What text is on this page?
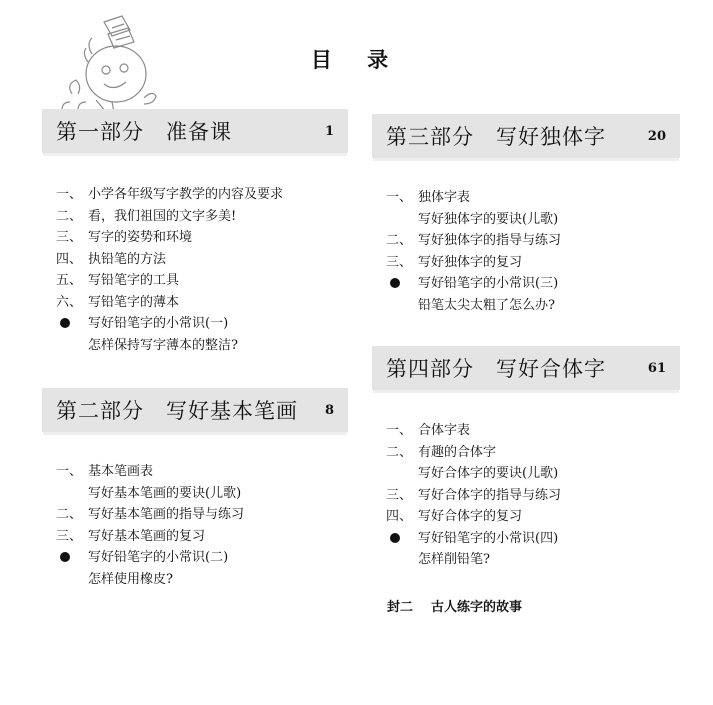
目 录
第一部分 准备课	1
一、 小学各年级写字教学的内容及要求
二、 看，我们祖国的文字多美!
三、 写字的姿势和环境
四、 执铅笔的方法
五、 写铅笔字的工具
六、 写铅笔字的薄本
写好铅笔字的小常识(一)
怎样保持写字薄本的整洁?
第二部分 写好基本笔画 8
一、 基本笔画表
写好基本笔画的要诀(儿歌)
二、 写好基本笔画的指导与练习
三、 写好基本笔画的复习
写好铅笔字的小常识(二)
怎样使用橡皮?
第三部分 写好独体字	20
一、 独体字表
写好独体字的要诀(儿歌)
二、 写好独体字的指导与练习
三、 写好独体字的复习
写好铅笔字的小常识(三)
铅笔太尖太粗了怎么办?
第四部分 写好合体字	61
一、 合体字表
二、 有趣的合体字
写好合体字的要诀(儿歌)
三、 写好合体字的指导与练习
四、 写好合体字的复习
写好铅笔字的小常识(四)
怎样削铅笔?
封二 古人练字的故事
